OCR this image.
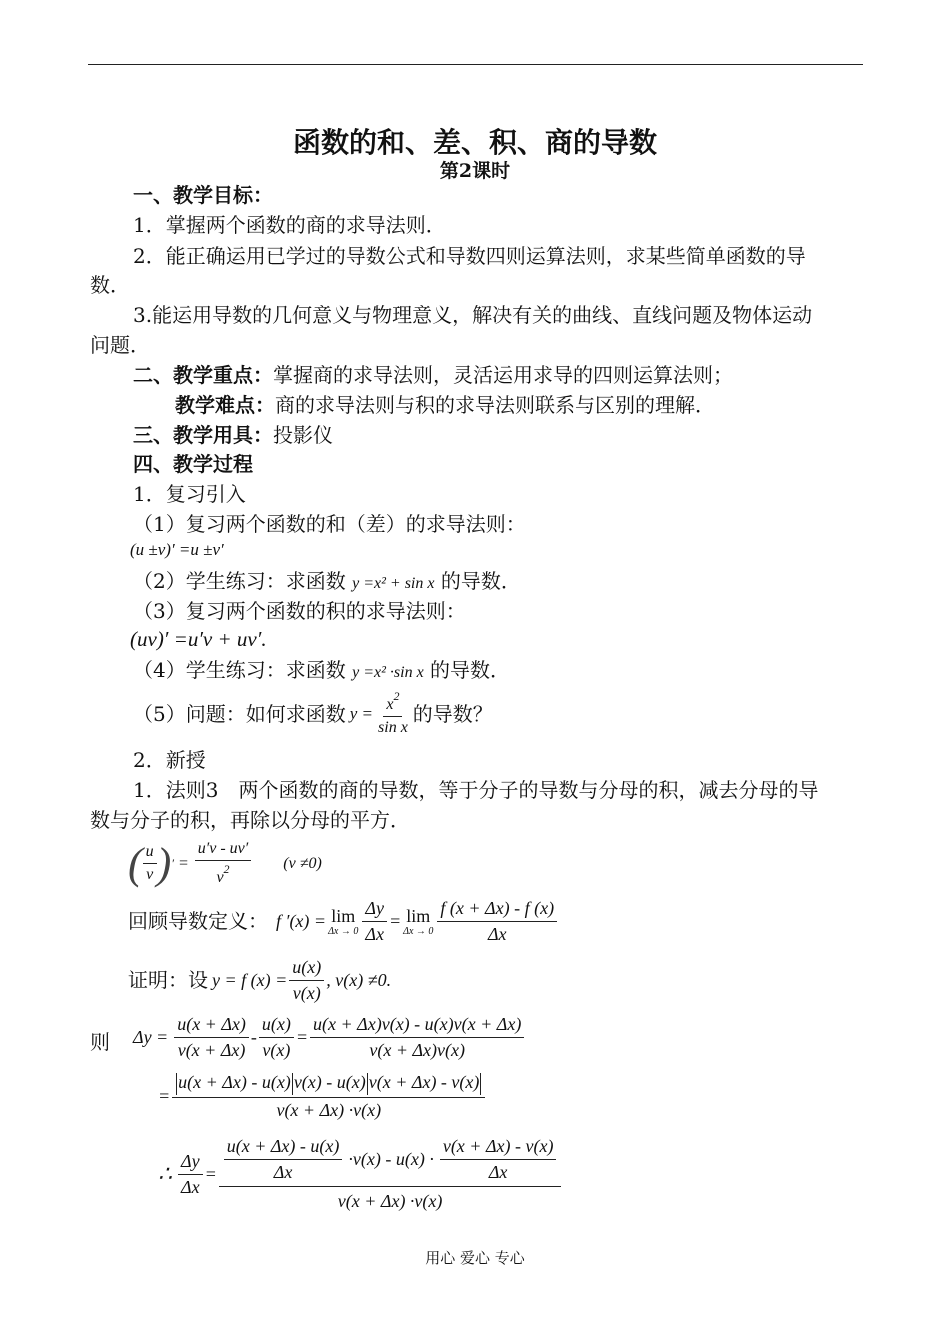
函数的和、差、积、商的导数
第2课时
一、教学目标：
1．掌握两个函数的商的求导法则．
2．能正确运用已学过的导数公式和导数四则运算法则，求某些简单函数的导
数．
3.能运用导数的几何意义与物理意义，解决有关的曲线、直线问题及物体运动
问题．
二、教学重点：掌握商的求导法则，灵活运用求导的四则运算法则；
教学难点：商的求导法则与积的求导法则联系与区别的理解．
三、教学用具：投影仪
四、教学过程
1．复习引入
（1）复习两个函数的和（差）的求导法则：
(u ±v)′ =u ±v′
（2）学生练习：求函数 y =x² + sin x 的导数．
（3）复习两个函数的积的求导法则：
(uv)′ =u′v + uv′.
（4）学生练习：求函数 y =x² ·sin x 的导数．
（5）问题：如何求函数 $y = \frac{x^2}{\text{sin x}}$ 的导数？
2．新授
1．法则3　两个函数的商的导数，等于分子的导数与分母的积，减去分母的导
数与分子的积，再除以分母的平方．
( $\frac{u}{v}$ ) ′ = $\frac{u'v - uv'}{v^2} (v \ne 0)$
回顾导数定义： f ′(x) = lim
$\Delta x \to 0 \frac{\Delta y}{\Delta x} = \lim$
$\Delta x \to 0 \frac{f (x + \Delta x) - f (x)}{\Delta x}$
证明：设 y = f $(x) = \frac{u(x)}{v(x)}$ , v(x) ≠0.
则 $\Delta y = \frac{u(x + \Delta x)}{v(x + \Delta x)} - \frac{u(x)}{v(x)} = \frac{u(x + \Delta x)v(x) - u(x)v(x + \Delta x)}{v(x + \Delta x)v(x)}$
= $\frac{u(x + \Delta x) - u(x) v(x) - u(x) v(x + \Delta x) - v(x)}{v(x + \Delta x) \cdot v(x)}$
∴ $\frac{\Delta y}{\Delta x} = \frac{u(x + \Delta x) - u(x)}{\Delta x} \cdot v(x) - u(x) \cdot \frac{v(x + \Delta x) - v(x)}{\Delta x}$
v(x + Δx) ·v(x)
用心 爱心 专心
